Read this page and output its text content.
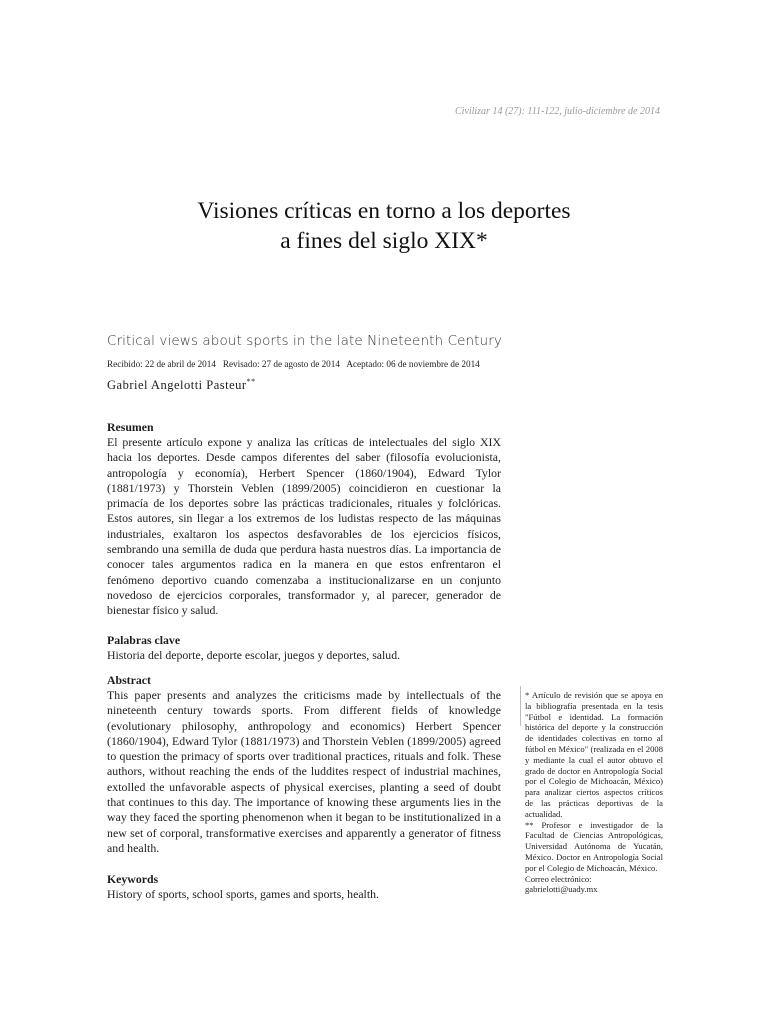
Civilizar 14 (27): 111-122, julio-diciembre de 2014
Visiones críticas en torno a los deportes
a fines del siglo XIX*
Critical views about sports in the late Nineteenth Century
Recibido: 22 de abril de 2014   Revisado: 27 de agosto de 2014   Aceptado: 06 de noviembre de 2014
Gabriel Angelotti Pasteur**
Resumen

El presente artículo expone y analiza las críticas de intelectuales del siglo XIX hacia los deportes. Desde campos diferentes del saber (filosofía evolucionista, antropología y economía), Herbert Spencer (1860/1904), Edward Tylor (1881/1973) y Thorstein Veblen (1899/2005) coincidieron en cuestionar la primacía de los deportes sobre las prácticas tradicionales, rituales y folclóricas. Estos autores, sin llegar a los extremos de los ludistas respecto de las máquinas industriales, exaltaron los aspectos desfavorables de los ejercicios físicos, sembrando una semilla de duda que perdura hasta nuestros días. La importancia de conocer tales argumentos radica en la manera en que estos enfrentaron el fenómeno deportivo cuando comenzaba a institucionalizarse en un conjunto novedoso de ejercicios corporales, transformador y, al parecer, generador de bienestar físico y salud.

Palabras clave

Historia del deporte, deporte escolar, juegos y deportes, salud.

Abstract

This paper presents and analyzes the criticisms made by intellectuals of the nineteenth century towards sports. From different fields of knowledge (evolutionary philosophy, anthropology and economics) Herbert Spencer (1860/1904), Edward Tylor (1881/1973) and Thorstein Veblen (1899/2005) agreed to question the primacy of sports over traditional practices, rituals and folk. These authors, without reaching the ends of the luddites respect of industrial machines, extolled the unfavorable aspects of physical exercises, planting a seed of doubt that continues to this day. The importance of knowing these arguments lies in the way they faced the sporting phenomenon when it began to be institutionalized in a new set of corporal, transformative exercises and apparently a generator of fitness and health.

Keywords

History of sports, school sports, games and sports, health.

* Artículo de revisión que se apoya en la bibliografía presentada en la tesis "Fútbol e identidad. La formación histórica del deporte y la construcción de identidades colectivas en torno al fútbol en México" (realizada en el 2008 y mediante la cual el autor obtuvo el grado de doctor en Antropología Social por el Colegio de Michoacán, México) para analizar ciertos aspectos críticos de las prácticas deportivas de la actualidad.

** Profesor e investigador de la Facultad de Ciencias Antropológicas, Universidad Autónoma de Yucatán, México. Doctor en Antropología Social por el Colegio de Michoacán, México.

Correo electrónico:

gabrielotti@uady.mx
